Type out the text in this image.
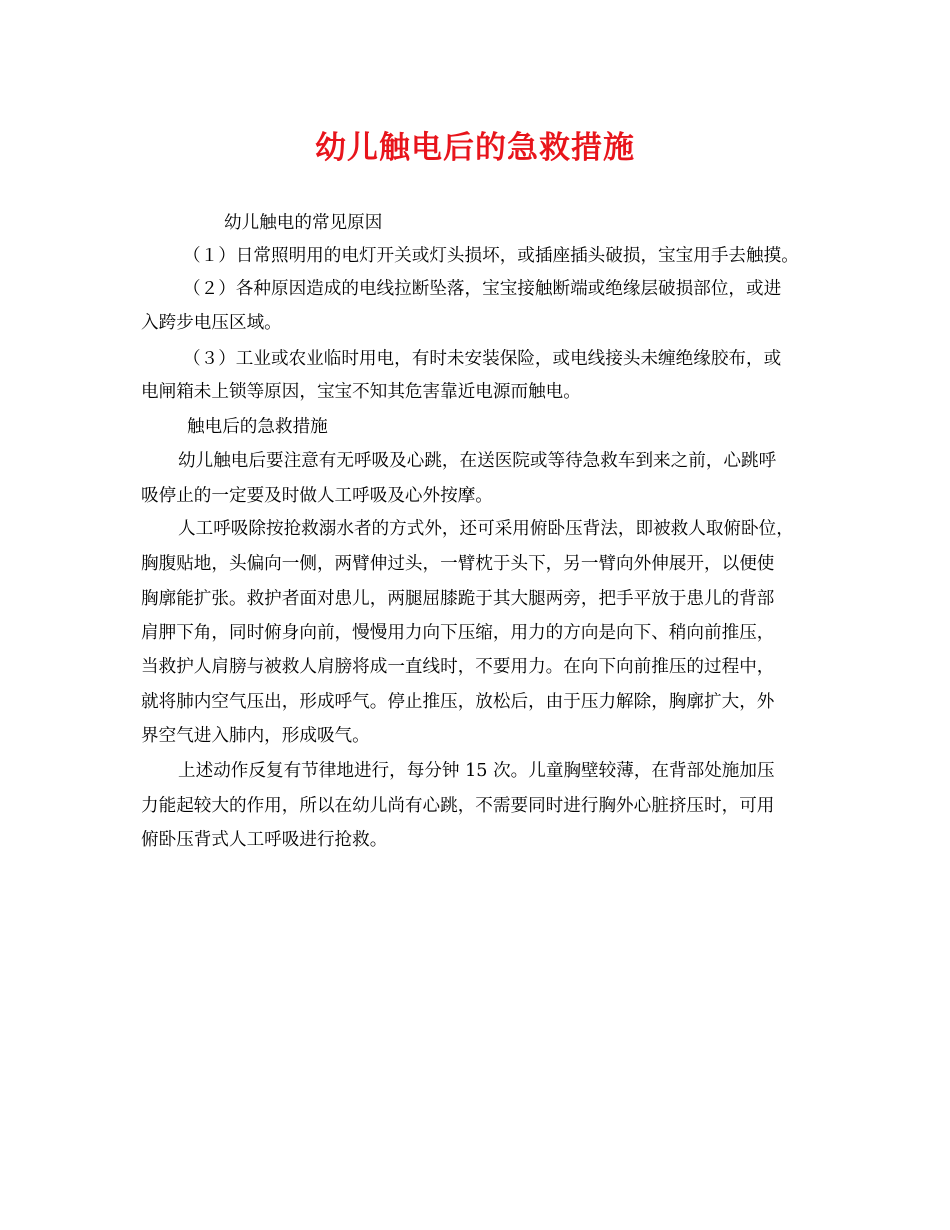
幼儿触电后的急救措施
幼儿触电的常见原因
（１）日常照明用的电灯开关或灯头损坏，或插座插头破损，宝宝用手去触摸。
（２）各种原因造成的电线拉断坠落，宝宝接触断端或绝缘层破损部位，或进
入跨步电压区域。
（３）工业或农业临时用电，有时未安装保险，或电线接头未缠绝缘胶布，或
电闸箱未上锁等原因，宝宝不知其危害靠近电源而触电。
触电后的急救措施
幼儿触电后要注意有无呼吸及心跳，在送医院或等待急救车到来之前，心跳呼
吸停止的一定要及时做人工呼吸及心外按摩。
人工呼吸除按抢救溺水者的方式外，还可采用俯卧压背法，即被救人取俯卧位，
胸腹贴地，头偏向一侧，两臂伸过头，一臂枕于头下，另一臂向外伸展开，以便使
胸廓能扩张。救护者面对患儿，两腿屈膝跪于其大腿两旁，把手平放于患儿的背部
肩胛下角，同时俯身向前，慢慢用力向下压缩，用力的方向是向下、稍向前推压，
当救护人肩膀与被救人肩膀将成一直线时，不要用力。在向下向前推压的过程中，
就将肺内空气压出，形成呼气。停止推压，放松后，由于压力解除，胸廓扩大，外
界空气进入肺内，形成吸气。
上述动作反复有节律地进行，每分钟 15 次。儿童胸壁较薄，在背部处施加压
力能起较大的作用，所以在幼儿尚有心跳，不需要同时进行胸外心脏挤压时，可用
俯卧压背式人工呼吸进行抢救。
